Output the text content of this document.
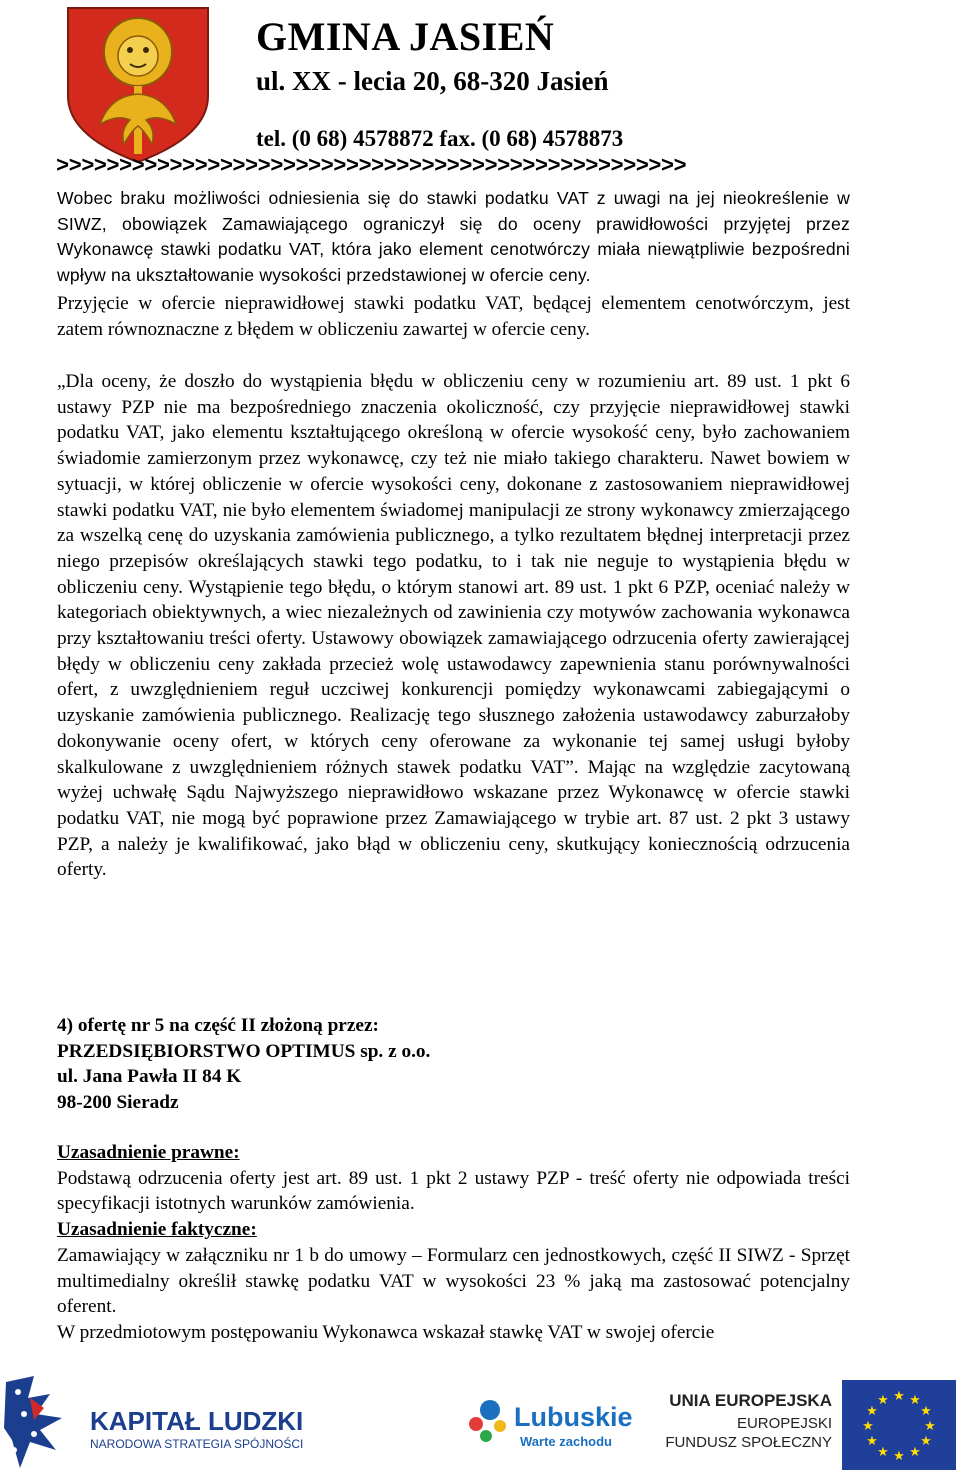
GMINA JASIEŃ
ul. XX - lecia 20, 68-320 Jasień
tel. (0 68) 4578872 fax. (0 68) 4578873
>>>>>>>>>>>>>>>>>>>>>>>>>>>>>>>>>>>>>>>>>>>>>>>>>>

Wobec braku możliwości odniesienia się do stawki podatku VAT z uwagi na jej nieokreślenie w SIWZ, obowiązek Zamawiającego ograniczył się do oceny prawidłowości przyjętej przez Wykonawcę stawki podatku VAT, która jako element cenotwórczy miała niewątpliwie bezpośredni wpływ na ukształtowanie wysokości przedstawionej w ofercie ceny.

Przyjęcie w ofercie nieprawidłowej stawki podatku VAT, będącej elementem cenotwórczym, jest zatem równoznaczne z błędem w obliczeniu zawartej w ofercie ceny.

„Dla oceny, że doszło do wystąpienia błędu w obliczeniu ceny w rozumieniu art. 89 ust. 1 pkt 6 ustawy PZP nie ma bezpośredniego znaczenia okoliczność, czy przyjęcie nieprawidłowej stawki podatku VAT, jako elementu kształtującego określoną w ofercie wysokość ceny, było zachowaniem świadomie zamierzonym przez wykonawcę, czy też nie miało takiego charakteru. Nawet bowiem w sytuacji, w której obliczenie w ofercie wysokości ceny, dokonane z zastosowaniem nieprawidłowej stawki podatku VAT, nie było elementem świadomej manipulacji ze strony wykonawcy zmierzającego za wszelką cenę do uzyskania zamówienia publicznego, a tylko rezultatem błędnej interpretacji przez niego przepisów określających stawki tego podatku, to i tak nie neguje to wystąpienia błędu w obliczeniu ceny. Wystąpienie tego błędu, o którym stanowi art. 89 ust. 1 pkt 6 PZP, oceniać należy w kategoriach obiektywnych, a wiec niezależnych od zawinienia czy motywów zachowania wykonawca przy kształtowaniu treści oferty. Ustawowy obowiązek zamawiającego odrzucenia oferty zawierającej błędy w obliczeniu ceny zakłada przecież wolę ustawodawcy zapewnienia stanu porównywalności ofert, z uwzględnieniem reguł uczciwej konkurencji pomiędzy wykonawcami zabiegającymi o uzyskanie zamówienia publicznego. Realizację tego słusznego założenia ustawodawcy zaburzałoby dokonywanie oceny ofert, w których ceny oferowane za wykonanie tej samej usługi byłoby skalkulowane z uwzględnieniem różnych stawek podatku VAT”. Mając na względzie zacytowaną wyżej uchwałę Sądu Najwyższego nieprawidłowo wskazane przez Wykonawcę w ofercie stawki podatku VAT, nie mogą być poprawione przez Zamawiającego w trybie art. 87 ust. 2 pkt 3 ustawy PZP, a należy je kwalifikować, jako błąd w obliczeniu ceny, skutkujący koniecznością odrzucenia oferty.

4) ofertę nr 5 na część II złożoną przez:

PRZEDSIĘBIORSTWO OPTIMUS sp. z o.o.

ul. Jana Pawła II 84 K

98-200 Sieradz

Uzasadnienie prawne:

Podstawą odrzucenia oferty jest art. 89 ust. 1 pkt 2 ustawy PZP - treść oferty nie odpowiada treści specyfikacji istotnych warunków zamówienia.

Uzasadnienie faktyczne:

Zamawiający w załączniku nr 1 b do umowy – Formularz cen jednostkowych, część II SIWZ - Sprzęt multimedialny określił stawkę podatku VAT w wysokości 23 % jaką ma zastosować potencjalny oferent.

W przedmiotowym postępowaniu Wykonawca wskazał stawkę VAT w swojej ofercie

KAPITAŁ LUDZKI
NARODOWA STRATEGIA SPÓJNOŚCI
Lubuskie
Warte zachodu
UNIA EUROPEJSKA
EUROPEJSKI
FUNDUSZ SPOŁECZNY
★ ★
★
★
★
★
★
★
★
★
★
★
